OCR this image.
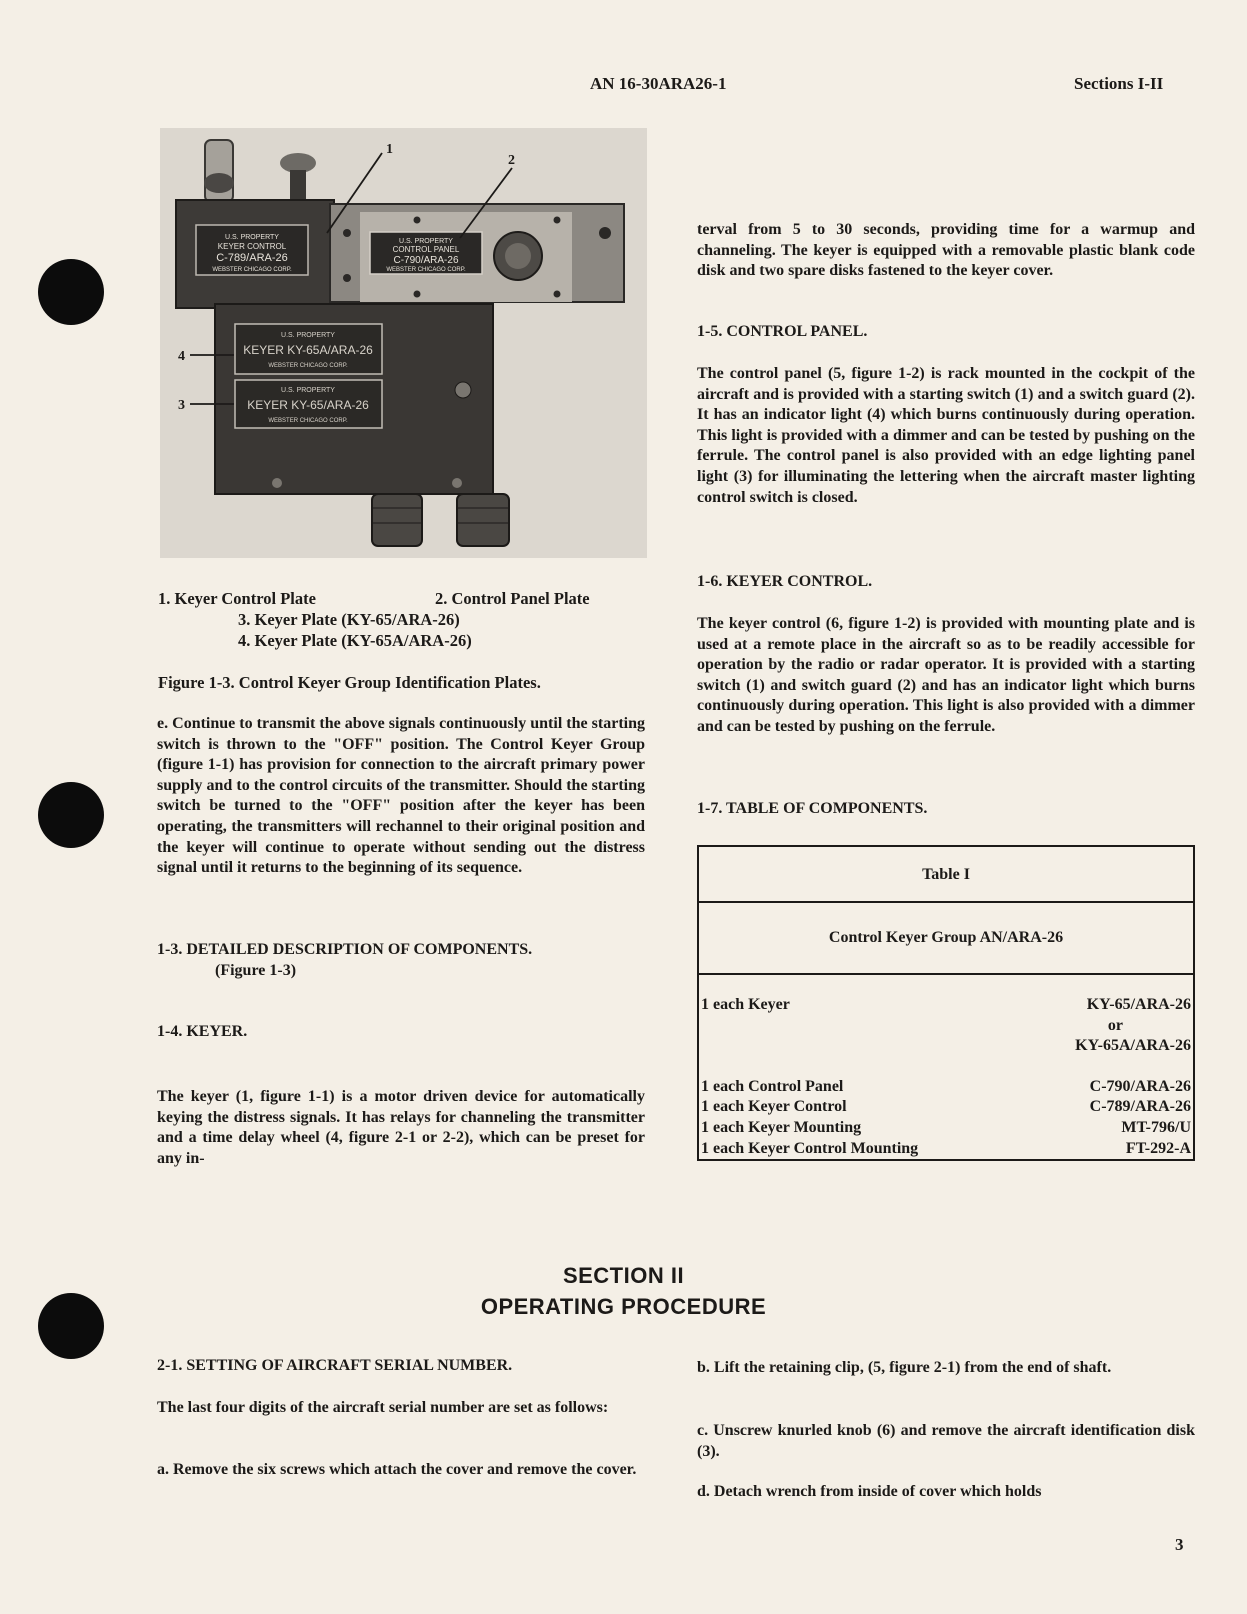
AN 16-30ARA26-1	Sections I-II
U.S. PROPERTY
KEYER CONTROL
C-789/ARA-26
WEBSTER CHICAGO CORP.
U.S. PROPERTY
CONTROL PANEL
C-790/ARA-26
WEBSTER CHICAGO CORP.
U.S. PROPERTY
KEYER KY-65A/ARA-26
WEBSTER CHICAGO CORP.
U.S. PROPERTY
KEYER KY-65/ARA-26
WEBSTER CHICAGO CORP.
1
2
4
3
1. Keyer Control Plate	2. Control Panel Plate
3. Keyer Plate (KY-65/ARA-26)
4. Keyer Plate (KY-65A/ARA-26)
Figure 1-3. Control Keyer Group Identification Plates.

e. Continue to transmit the above signals continuously until the starting switch is thrown to the "OFF" position. The Control Keyer Group (figure 1-1) has provision for connection to the aircraft primary power supply and to the control circuits of the transmitter. Should the starting switch be turned to the "OFF" position after the keyer has been operating, the transmitters will rechannel to their original position and the keyer will continue to operate without sending out the distress signal until it returns to the beginning of its sequence.

1-3. DETAILED DESCRIPTION OF COMPONENTS.

(Figure 1-3)

1-4. KEYER.

The keyer (1, figure 1-1) is a motor driven device for automatically keying the distress signals. It has relays for channeling the transmitter and a time delay wheel (4, figure 2-1 or 2-2), which can be preset for any in-

terval from 5 to 30 seconds, providing time for a warmup and channeling. The keyer is equipped with a removable plastic blank code disk and two spare disks fastened to the keyer cover.

1-5. CONTROL PANEL.

The control panel (5, figure 1-2) is rack mounted in the cockpit of the aircraft and is provided with a starting switch (1) and a switch guard (2). It has an indicator light (4) which burns continuously during operation. This light is provided with a dimmer and can be tested by pushing on the ferrule. The control panel is also provided with an edge lighting panel light (3) for illuminating the lettering when the aircraft master lighting control switch is closed.

1-6. KEYER CONTROL.

The keyer control (6, figure 1-2) is provided with mounting plate and is used at a remote place in the aircraft so as to be readily accessible for operation by the radio or radar operator. It is provided with a starting switch (1) and switch guard (2) and has an indicator light which burns continuously during operation. This light is also provided with a dimmer and can be tested by pushing on the ferrule.

1-7. TABLE OF COMPONENTS.

Table I	
Control Keyer Group AN/ARA-26	

1 each Keyer	KY-65/ARA-26
	or
	KY-65A/ARA-26

1 each Control Panel	C-790/ARA-26
1 each Keyer Control	C-789/ARA-26
1 each Keyer Mounting	MT-796/U
1 each Keyer Control Mounting	FT-292-A
SECTION II
OPERATING PROCEDURE

2-1. SETTING OF AIRCRAFT SERIAL NUMBER.

The last four digits of the aircraft serial number are set as follows:

a. Remove the six screws which attach the cover and remove the cover.

b. Lift the retaining clip, (5, figure 2-1) from the end of shaft.

c. Unscrew knurled knob (6) and remove the aircraft identification disk (3).

d. Detach wrench from inside of cover which holds

3
